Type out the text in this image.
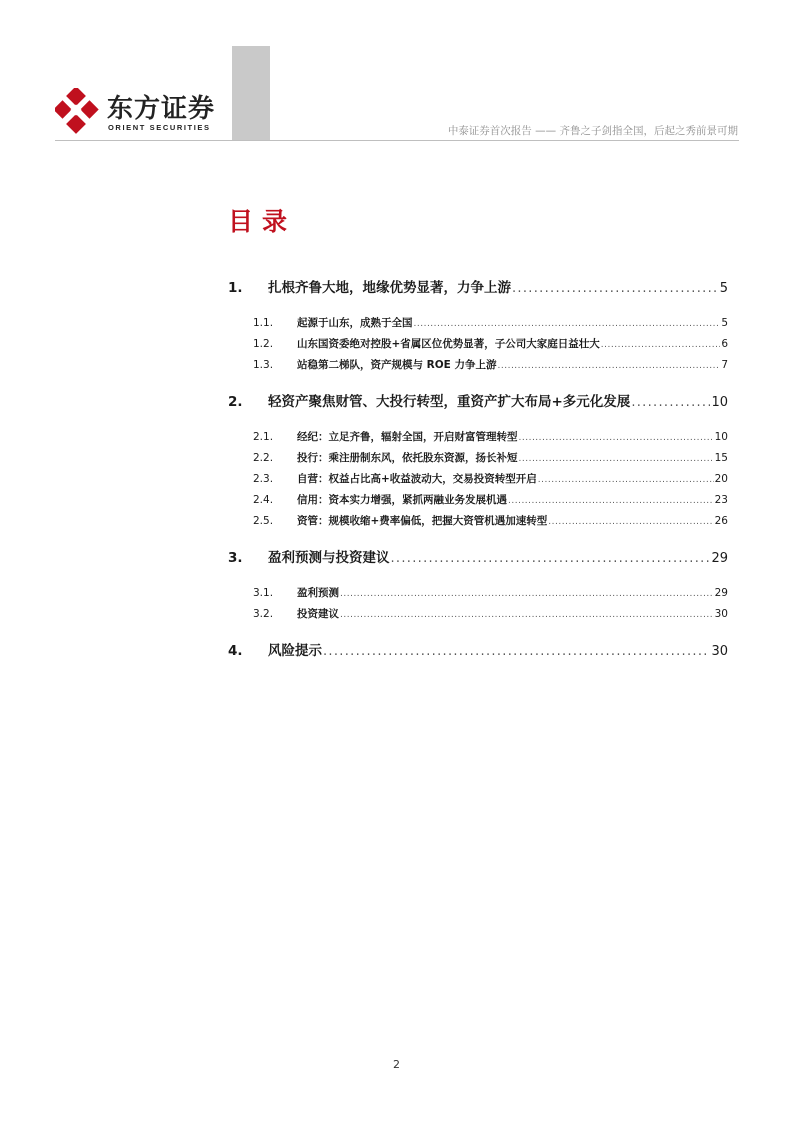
东方证券
ORIENT SECURITIES	中泰证券首次报告 —— 齐鲁之子剑指全国，后起之秀前景可期
目录
1.	扎根齐鲁大地，地缘优势显著，力争上游 .....	5
1.1.	起源于山东，成熟于全国 .....	5
1.2.	山东国资委绝对控股+省属区位优势显著，子公司大家庭日益壮大 .....	6
1.3.	站稳第二梯队，资产规模与 ROE 力争上游 .....	7
2.	轻资产聚焦财管、大投行转型，重资产扩大布局+多元化发展 .....	10
2.1.	经纪：立足齐鲁，辐射全国，开启财富管理转型 .....	10
2.2.	投行：乘注册制东风，依托股东资源，扬长补短 .....	15
2.3.	自营：权益占比高+收益波动大，交易投资转型开启 .....	20
2.4.	信用：资本实力增强，紧抓两融业务发展机遇 .....	23
2.5.	资管：规模收缩+费率偏低，把握大资管机遇加速转型 .....	26
3.	盈利预测与投资建议 .....	29
3.1.	盈利预测 .....	29
3.2.	投资建议 .....	30
4.	风险提示 .....	30
2
